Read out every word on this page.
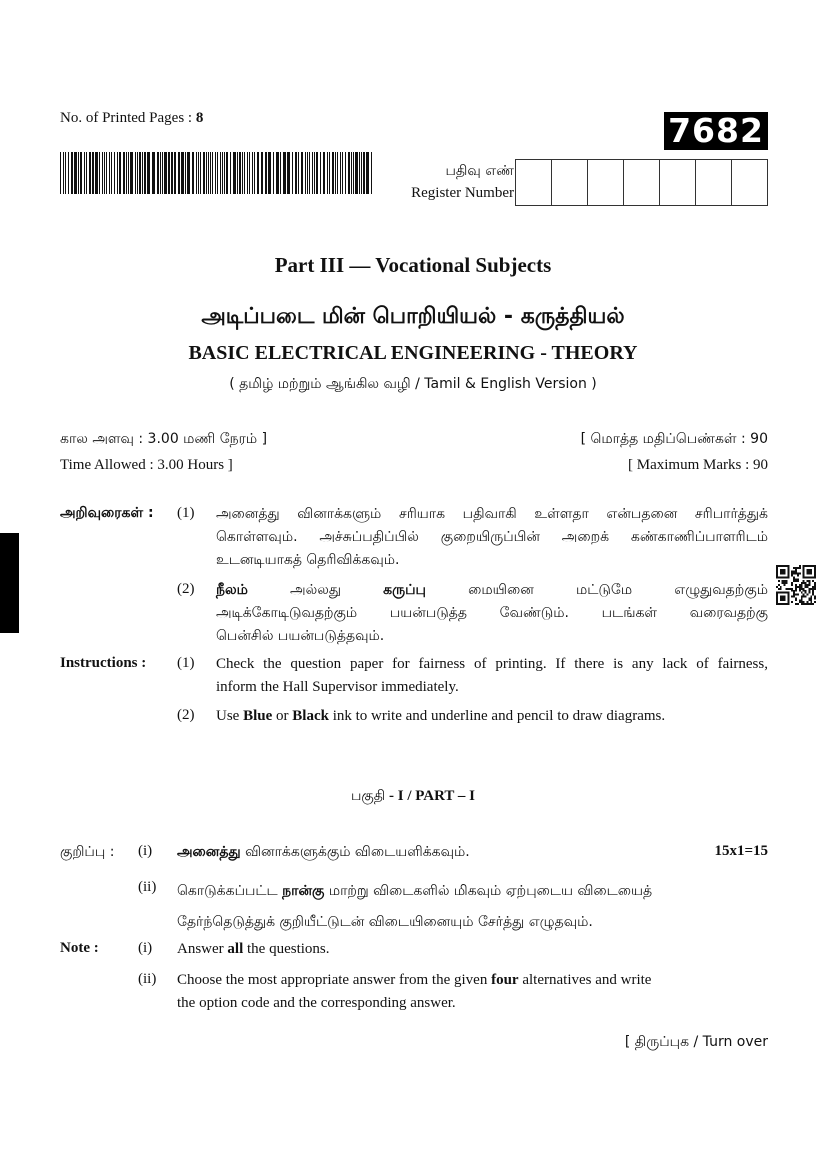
No. of Printed Pages : 8	7682
பதிவு எண்
Register Number
Part III — Vocational Subjects
அடிப்படை மின் பொறியியல் - கருத்தியல்
BASIC ELECTRICAL ENGINEERING - THEORY
( தமிழ் மற்றும் ஆங்கில வழி / Tamil & English Version )
கால அளவு : 3.00 மணி நேரம் ]
Time Allowed : 3.00 Hours ]
[ மொத்த மதிப்பெண்கள் : 90
[ Maximum Marks : 90
அறிவுரைகள் : (1) அனைத்து வினாக்களும் சரியாக பதிவாகி உள்ளதா என்பதனை சரிபார்த்துக்
கொள்ளவும். அச்சுப்பதிப்பில் குறையிருப்பின் அறைக் கண்காணிப்பாளரிடம்
உடனடியாகத் தெரிவிக்கவும்.
(2) நீலம்	அல்லது	கருப்பு	மையினை	மட்டுமே	எழுதுவதற்கும்
அடிக்கோடிடுவதற்கும் பயன்படுத்த வேண்டும். படங்கள் வரைவதற்கு
பென்சில் பயன்படுத்தவும்.
Instructions : (1) Check the question paper for fairness of printing. If there is any lack of fairness,
inform the Hall Supervisor immediately.
(2) Use Blue or Black ink to write and underline and pencil to draw diagrams.
பகுதி - I / PART – I
குறிப்பு : (i) அனைத்து வினாக்களுக்கும் விடையளிக்கவும்.	15x1=15
(ii) கொடுக்கப்பட்ட நான்கு மாற்று விடைகளில் மிகவும் ஏற்புடைய விடையைத்
தேர்ந்தெடுத்துக் குறியீட்டுடன் விடையினையும் சேர்த்து எழுதவும்.
Note :	(i) Answer all the questions.
(ii) Choose the most appropriate answer from the given four alternatives and write
the option code and the corresponding answer.
[ திருப்புக / Turn over
